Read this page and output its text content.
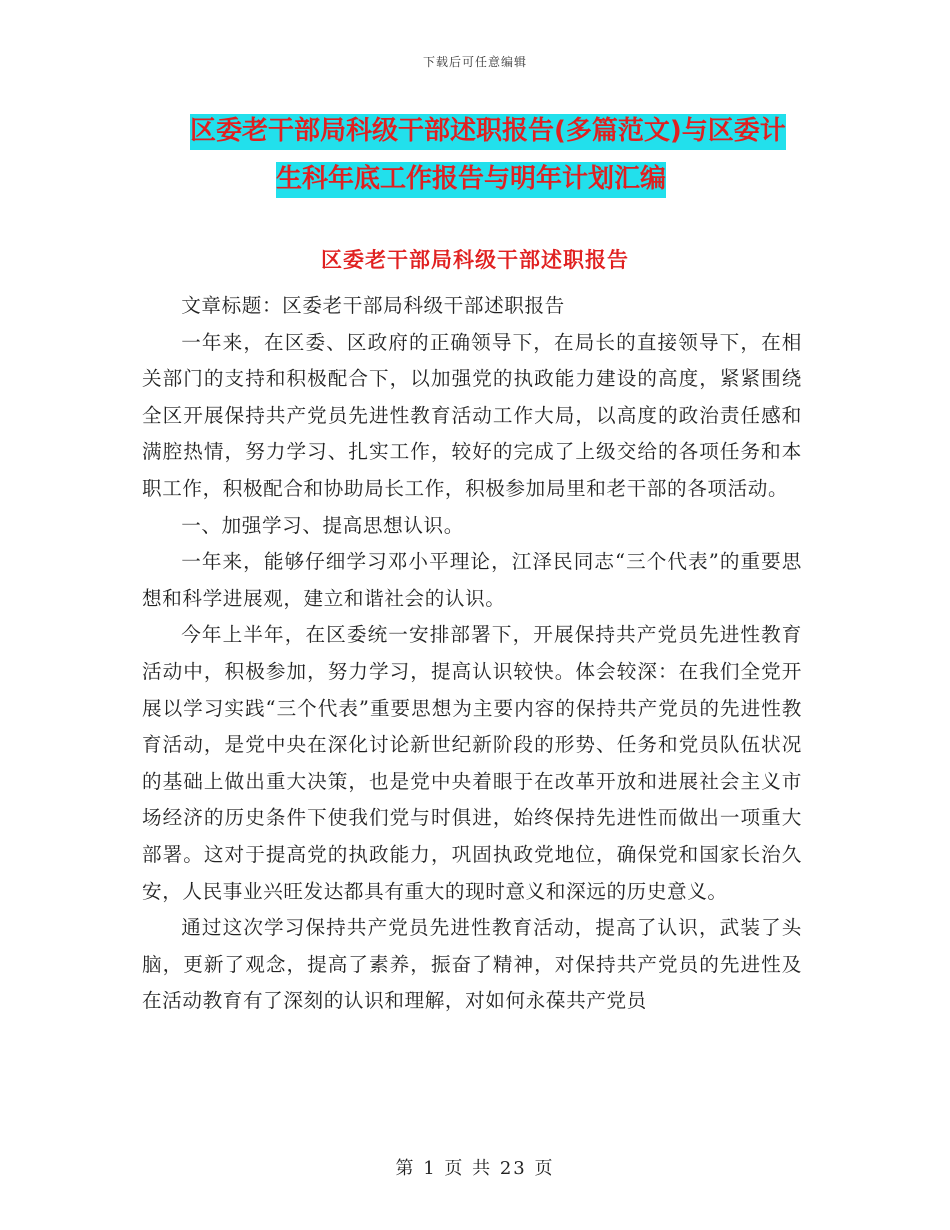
下载后可任意编辑
区委老干部局科级干部述职报告(多篇范文)与区委计
生科年底工作报告与明年计划汇编
区委老干部局科级干部述职报告

文章标题：区委老干部局科级干部述职报告

一年来，在区委、区政府的正确领导下，在局长的直接领导下，在相关部门的支持和积极配合下，以加强党的执政能力建设的高度，紧紧围绕全区开展保持共产党员先进性教育活动工作大局，以高度的政治责任感和满腔热情，努力学习、扎实工作，较好的完成了上级交给的各项任务和本职工作，积极配合和协助局长工作，积极参加局里和老干部的各项活动。

一、加强学习、提高思想认识。

一年来，能够仔细学习邓小平理论，江泽民同志“三个代表”的重要思想和科学进展观，建立和谐社会的认识。

今年上半年，在区委统一安排部署下，开展保持共产党员先进性教育活动中，积极参加，努力学习，提高认识较快。体会较深：在我们全党开展以学习实践“三个代表”重要思想为主要内容的保持共产党员的先进性教育活动，是党中央在深化讨论新世纪新阶段的形势、任务和党员队伍状况的基础上做出重大决策，也是党中央着眼于在改革开放和进展社会主义市场经济的历史条件下使我们党与时俱进，始终保持先进性而做出一项重大部署。这对于提高党的执政能力，巩固执政党地位，确保党和国家长治久安，人民事业兴旺发达都具有重大的现时意义和深远的历史意义。

通过这次学习保持共产党员先进性教育活动，提高了认识，武装了头脑，更新了观念，提高了素养，振奋了精神，对保持共产党员的先进性及在活动教育有了深刻的认识和理解，对如何永葆共产党员

第 1 页 共 23 页
